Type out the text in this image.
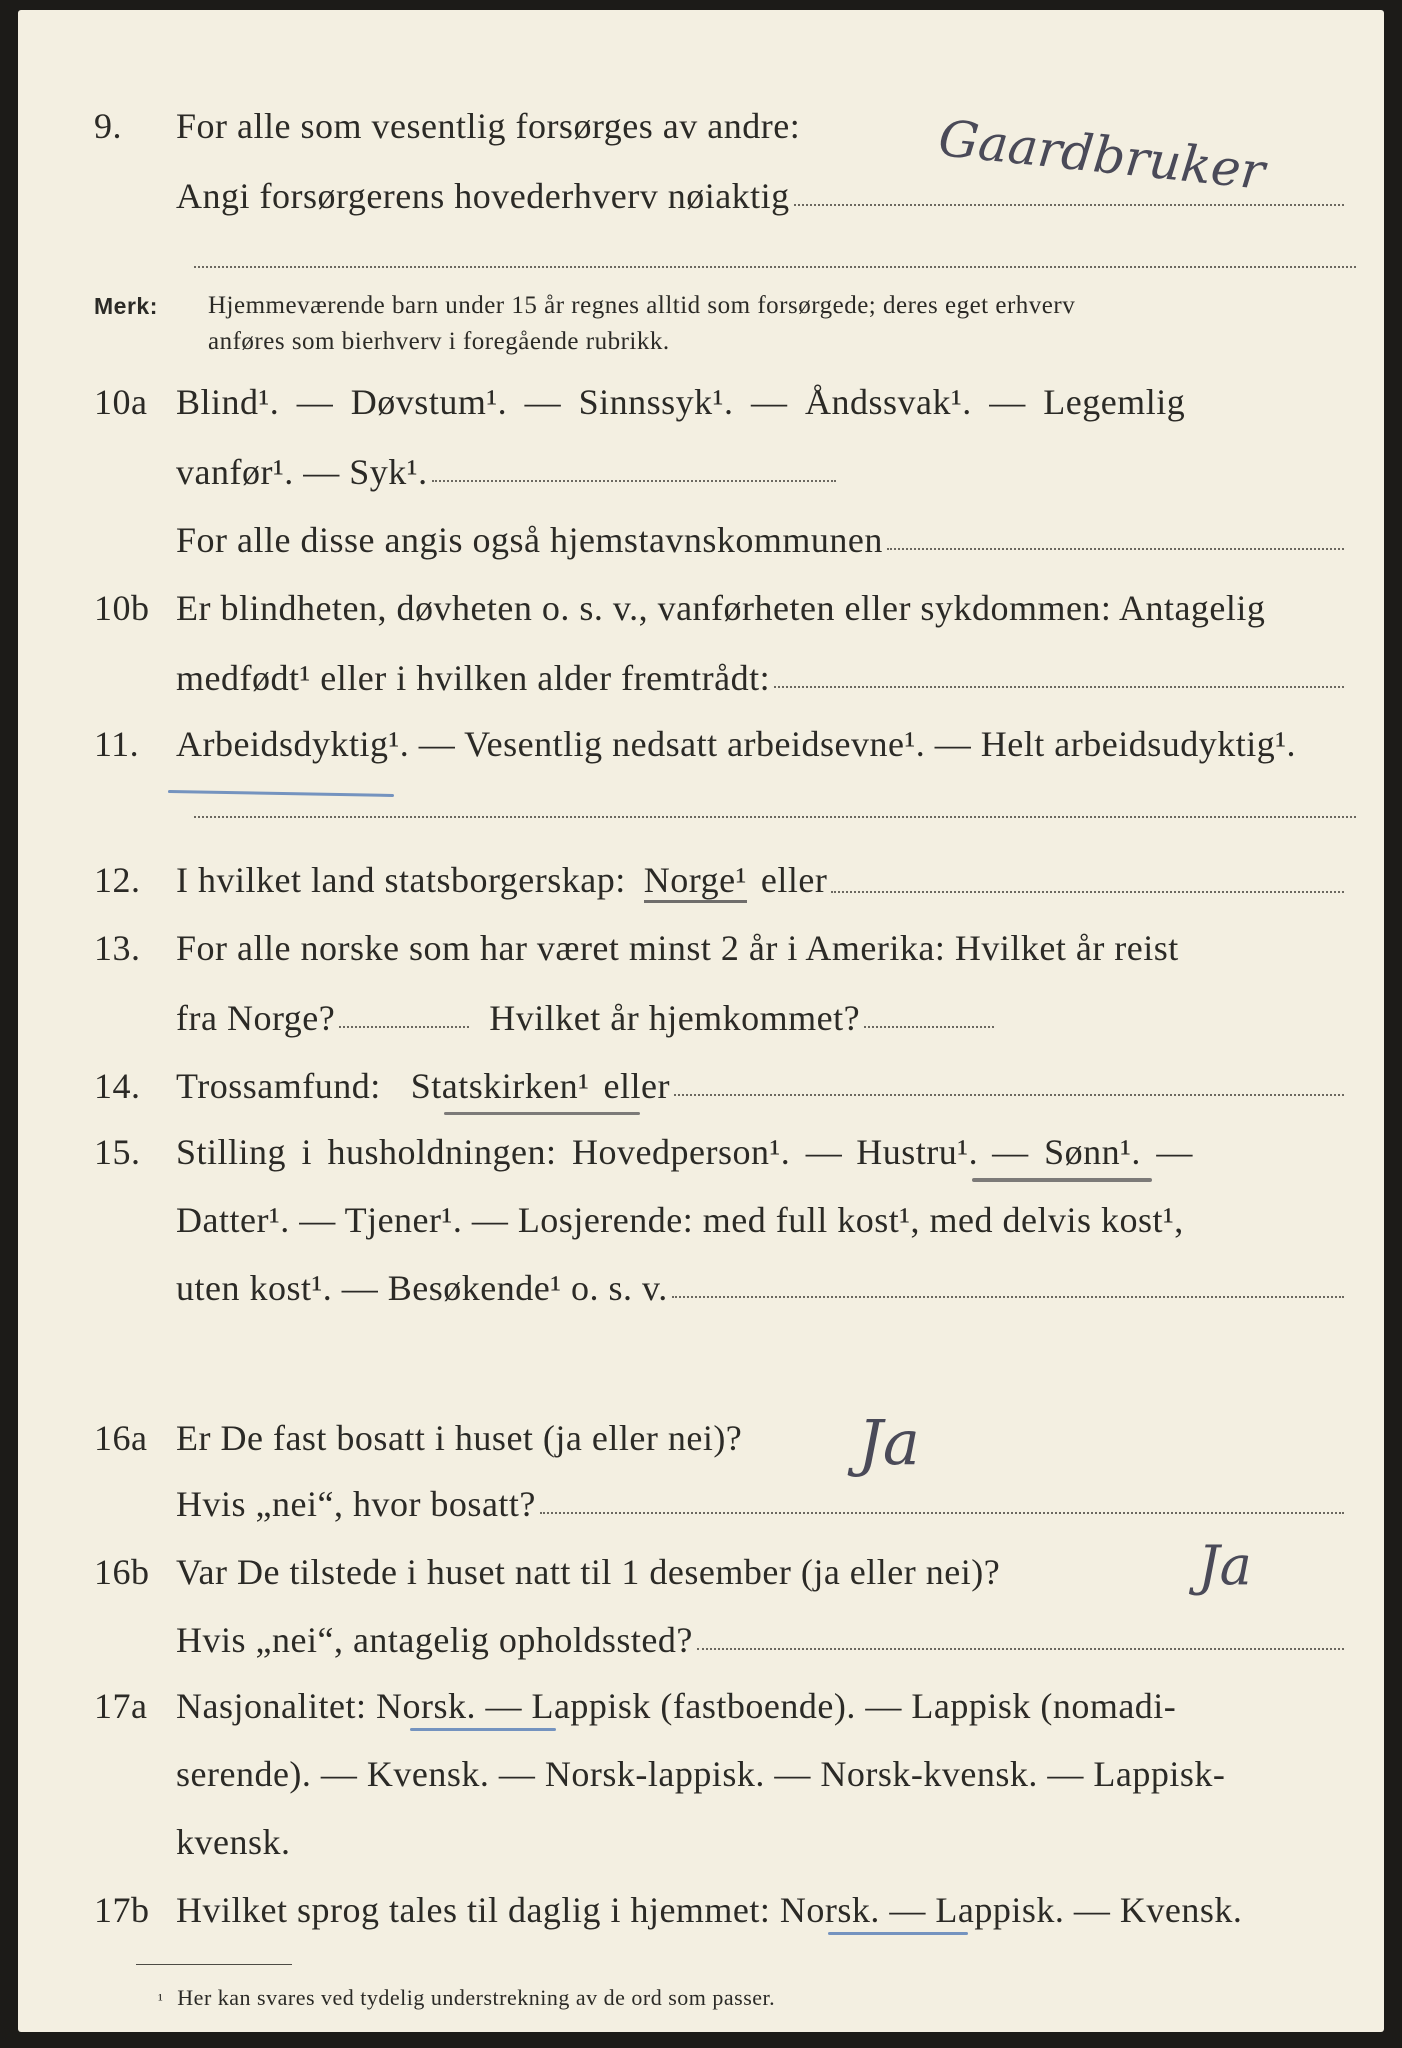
9. For alle som vesentlig forsørges av andre:
Angi forsørgerens hovederhverv nøiaktig	Gaardbruker
Merk: Hjemmeværende barn under 15 år regnes alltid som forsørgede; deres eget erhverv
anføres som bierhverv i foregående rubrikk.
10a Blind¹. — Døvstum¹. — Sinnssyk¹. — Åndssvak¹. — Legemlig
vanfør¹. — Syk¹.
For alle disse angis også hjemstavnskommunen
10b Er blindheten, døvheten o. s. v., vanførheten eller sykdommen: Antagelig
medfødt¹ eller i hvilken alder fremtrådt:
11. Arbeidsdyktig¹. — Vesentlig nedsatt arbeidsevne¹. — Helt arbeidsudyktig¹.
12. I hvilket land statsborgerskap: Norge¹ eller
13. For alle norske som har været minst 2 år i Amerika: Hvilket år reist
fra Norge?	Hvilket år hjemkommet?
14. Trossamfund: Statskirken¹ eller
15. Stilling i husholdningen: Hovedperson¹. — Hustru¹. — Sønn¹. —
Datter¹. — Tjener¹. — Losjerende: med full kost¹, med delvis kost¹,
uten kost¹. — Besøkende¹ o. s. v.
16a Er De fast bosatt i huset (ja eller nei)? Ja
Hvis „nei“, hvor bosatt?
16b Var De tilstede i huset natt til 1 desember (ja eller nei)?	Ja
Hvis „nei“, antagelig opholdssted?
17a Nasjonalitet: Norsk. — Lappisk (fastboende). — Lappisk (nomadi-
serende). — Kvensk. — Norsk-lappisk. — Norsk-kvensk. — Lappisk-
kvensk.
17b Hvilket sprog tales til daglig i hjemmet: Norsk. — Lappisk. — Kvensk.
¹ Her kan svares ved tydelig understrekning av de ord som passer.
